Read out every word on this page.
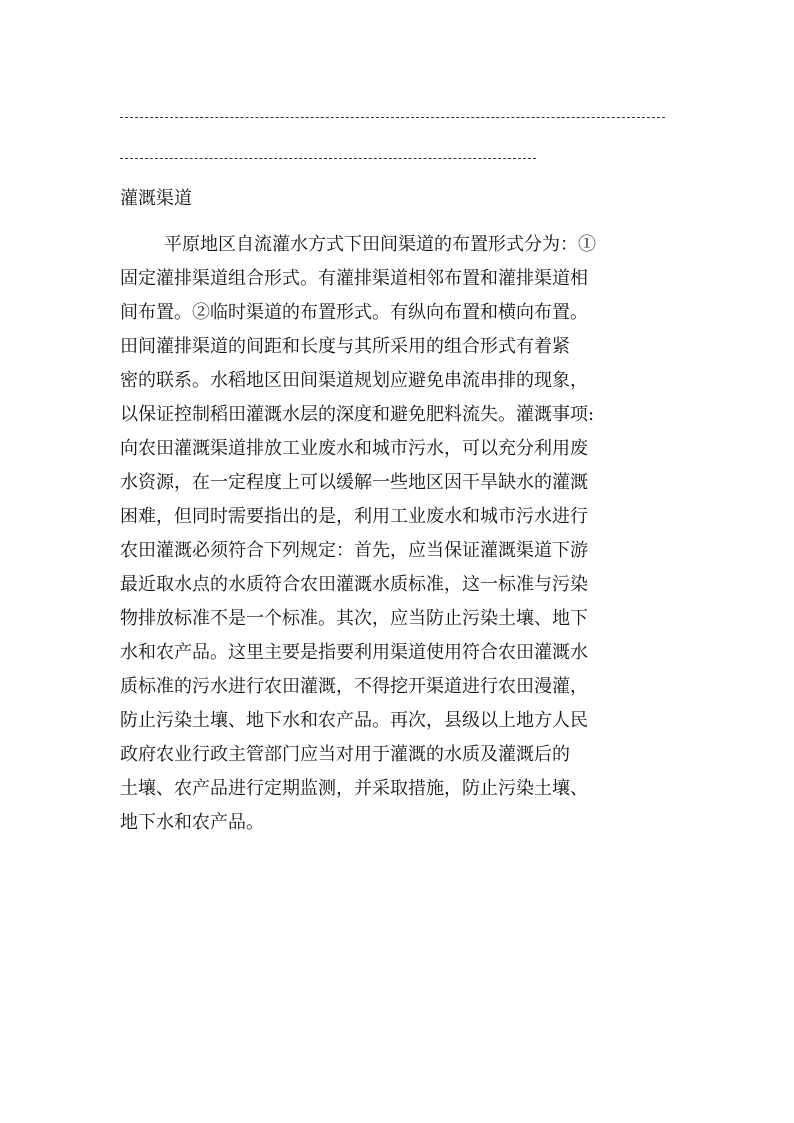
灌溉渠道
平原地区自流灌水方式下田间渠道的布置形式分为：①
固定灌排渠道组合形式。有灌排渠道相邻布置和灌排渠道相
间布置。②临时渠道的布置形式。有纵向布置和横向布置。
田间灌排渠道的间距和长度与其所采用的组合形式有着紧
密的联系。水稻地区田间渠道规划应避免串流串排的现象，
以保证控制稻田灌溉水层的深度和避免肥料流失。灌溉事项:
向农田灌溉渠道排放工业废水和城市污水，可以充分利用废
水资源，在一定程度上可以缓解一些地区因干旱缺水的灌溉
困难，但同时需要指出的是，利用工业废水和城市污水进行
农田灌溉必须符合下列规定：首先，应当保证灌溉渠道下游
最近取水点的水质符合农田灌溉水质标准，这一标准与污染
物排放标准不是一个标准。其次，应当防止污染土壤、地下
水和农产品。这里主要是指要利用渠道使用符合农田灌溉水
质标准的污水进行农田灌溉，不得挖开渠道进行农田漫灌，
防止污染土壤、地下水和农产品。再次，县级以上地方人民
政府农业行政主管部门应当对用于灌溉的水质及灌溉后的
土壤、农产品进行定期监测，并采取措施，防止污染土壤、
地下水和农产品。
